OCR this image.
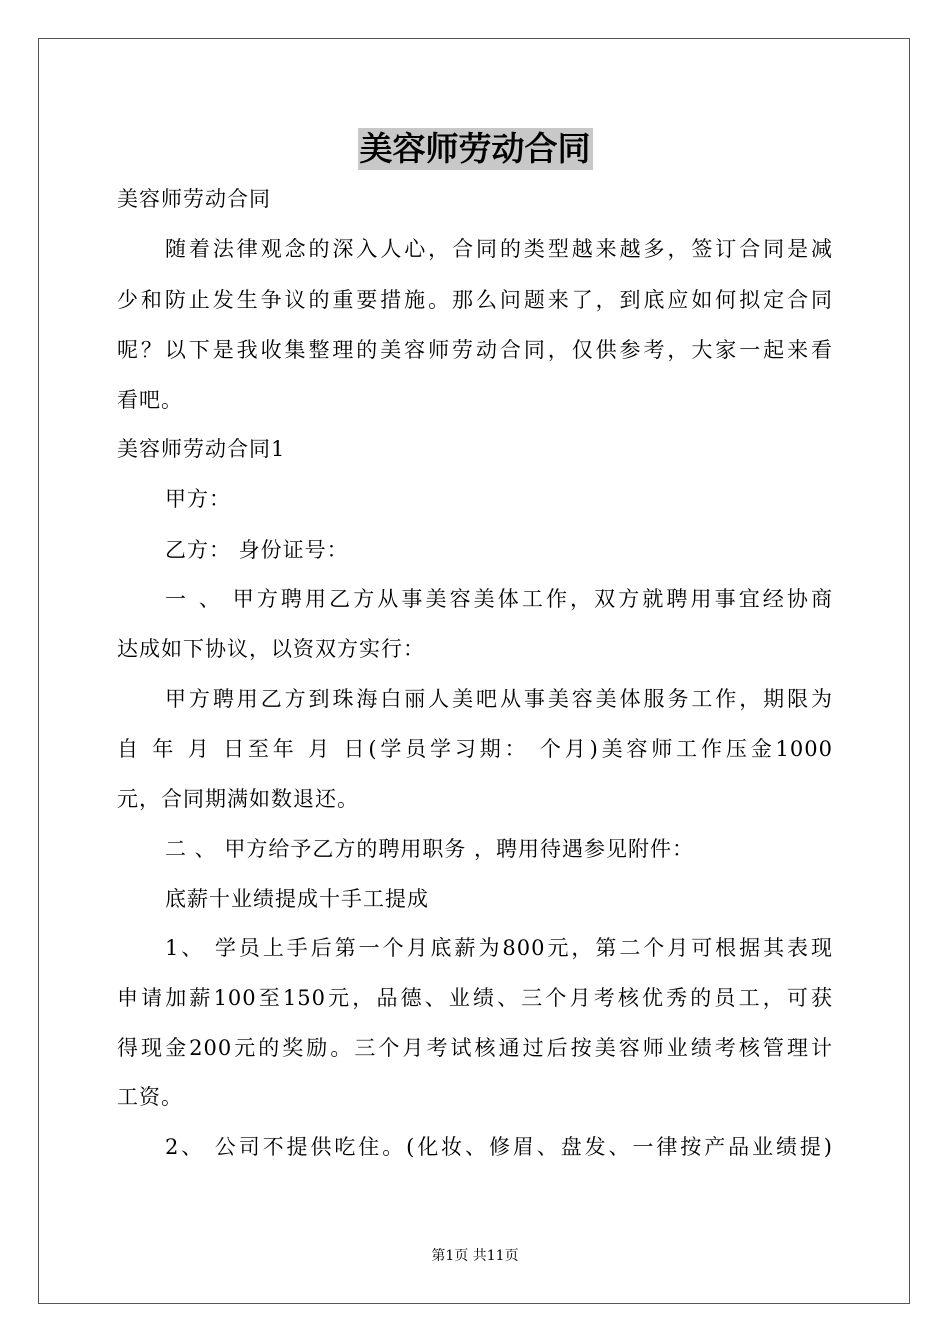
美容师劳动合同
美容师劳动合同
随着法律观念的深入人心，合同的类型越来越多，签订合同是减
少和防止发生争议的重要措施。那么问题来了，到底应如何拟定合同
呢？以下是我收集整理的美容师劳动合同，仅供参考，大家一起来看
看吧。
美容师劳动合同1
甲方：
乙方： 身份证号：
一 、 甲方聘用乙方从事美容美体工作，双方就聘用事宜经协商
达成如下协议，以资双方实行：
甲方聘用乙方到珠海白丽人美吧从事美容美体服务工作，期限为
自 年 月 日至年 月 日(学员学习期： 个月)美容师工作压金1000
元，合同期满如数退还。
二 、 甲方给予乙方的聘用职务 ，聘用待遇参见附件：
底薪十业绩提成十手工提成
1、 学员上手后第一个月底薪为800元，第二个月可根据其表现
申请加薪100至150元，品德、业绩、三个月考核优秀的员工，可获
得现金200元的奖励。三个月考试核通过后按美容师业绩考核管理计
工资。
2、 公司不提供吃住。(化妆、修眉、盘发、一律按产品业绩提)
第1页 共11页
